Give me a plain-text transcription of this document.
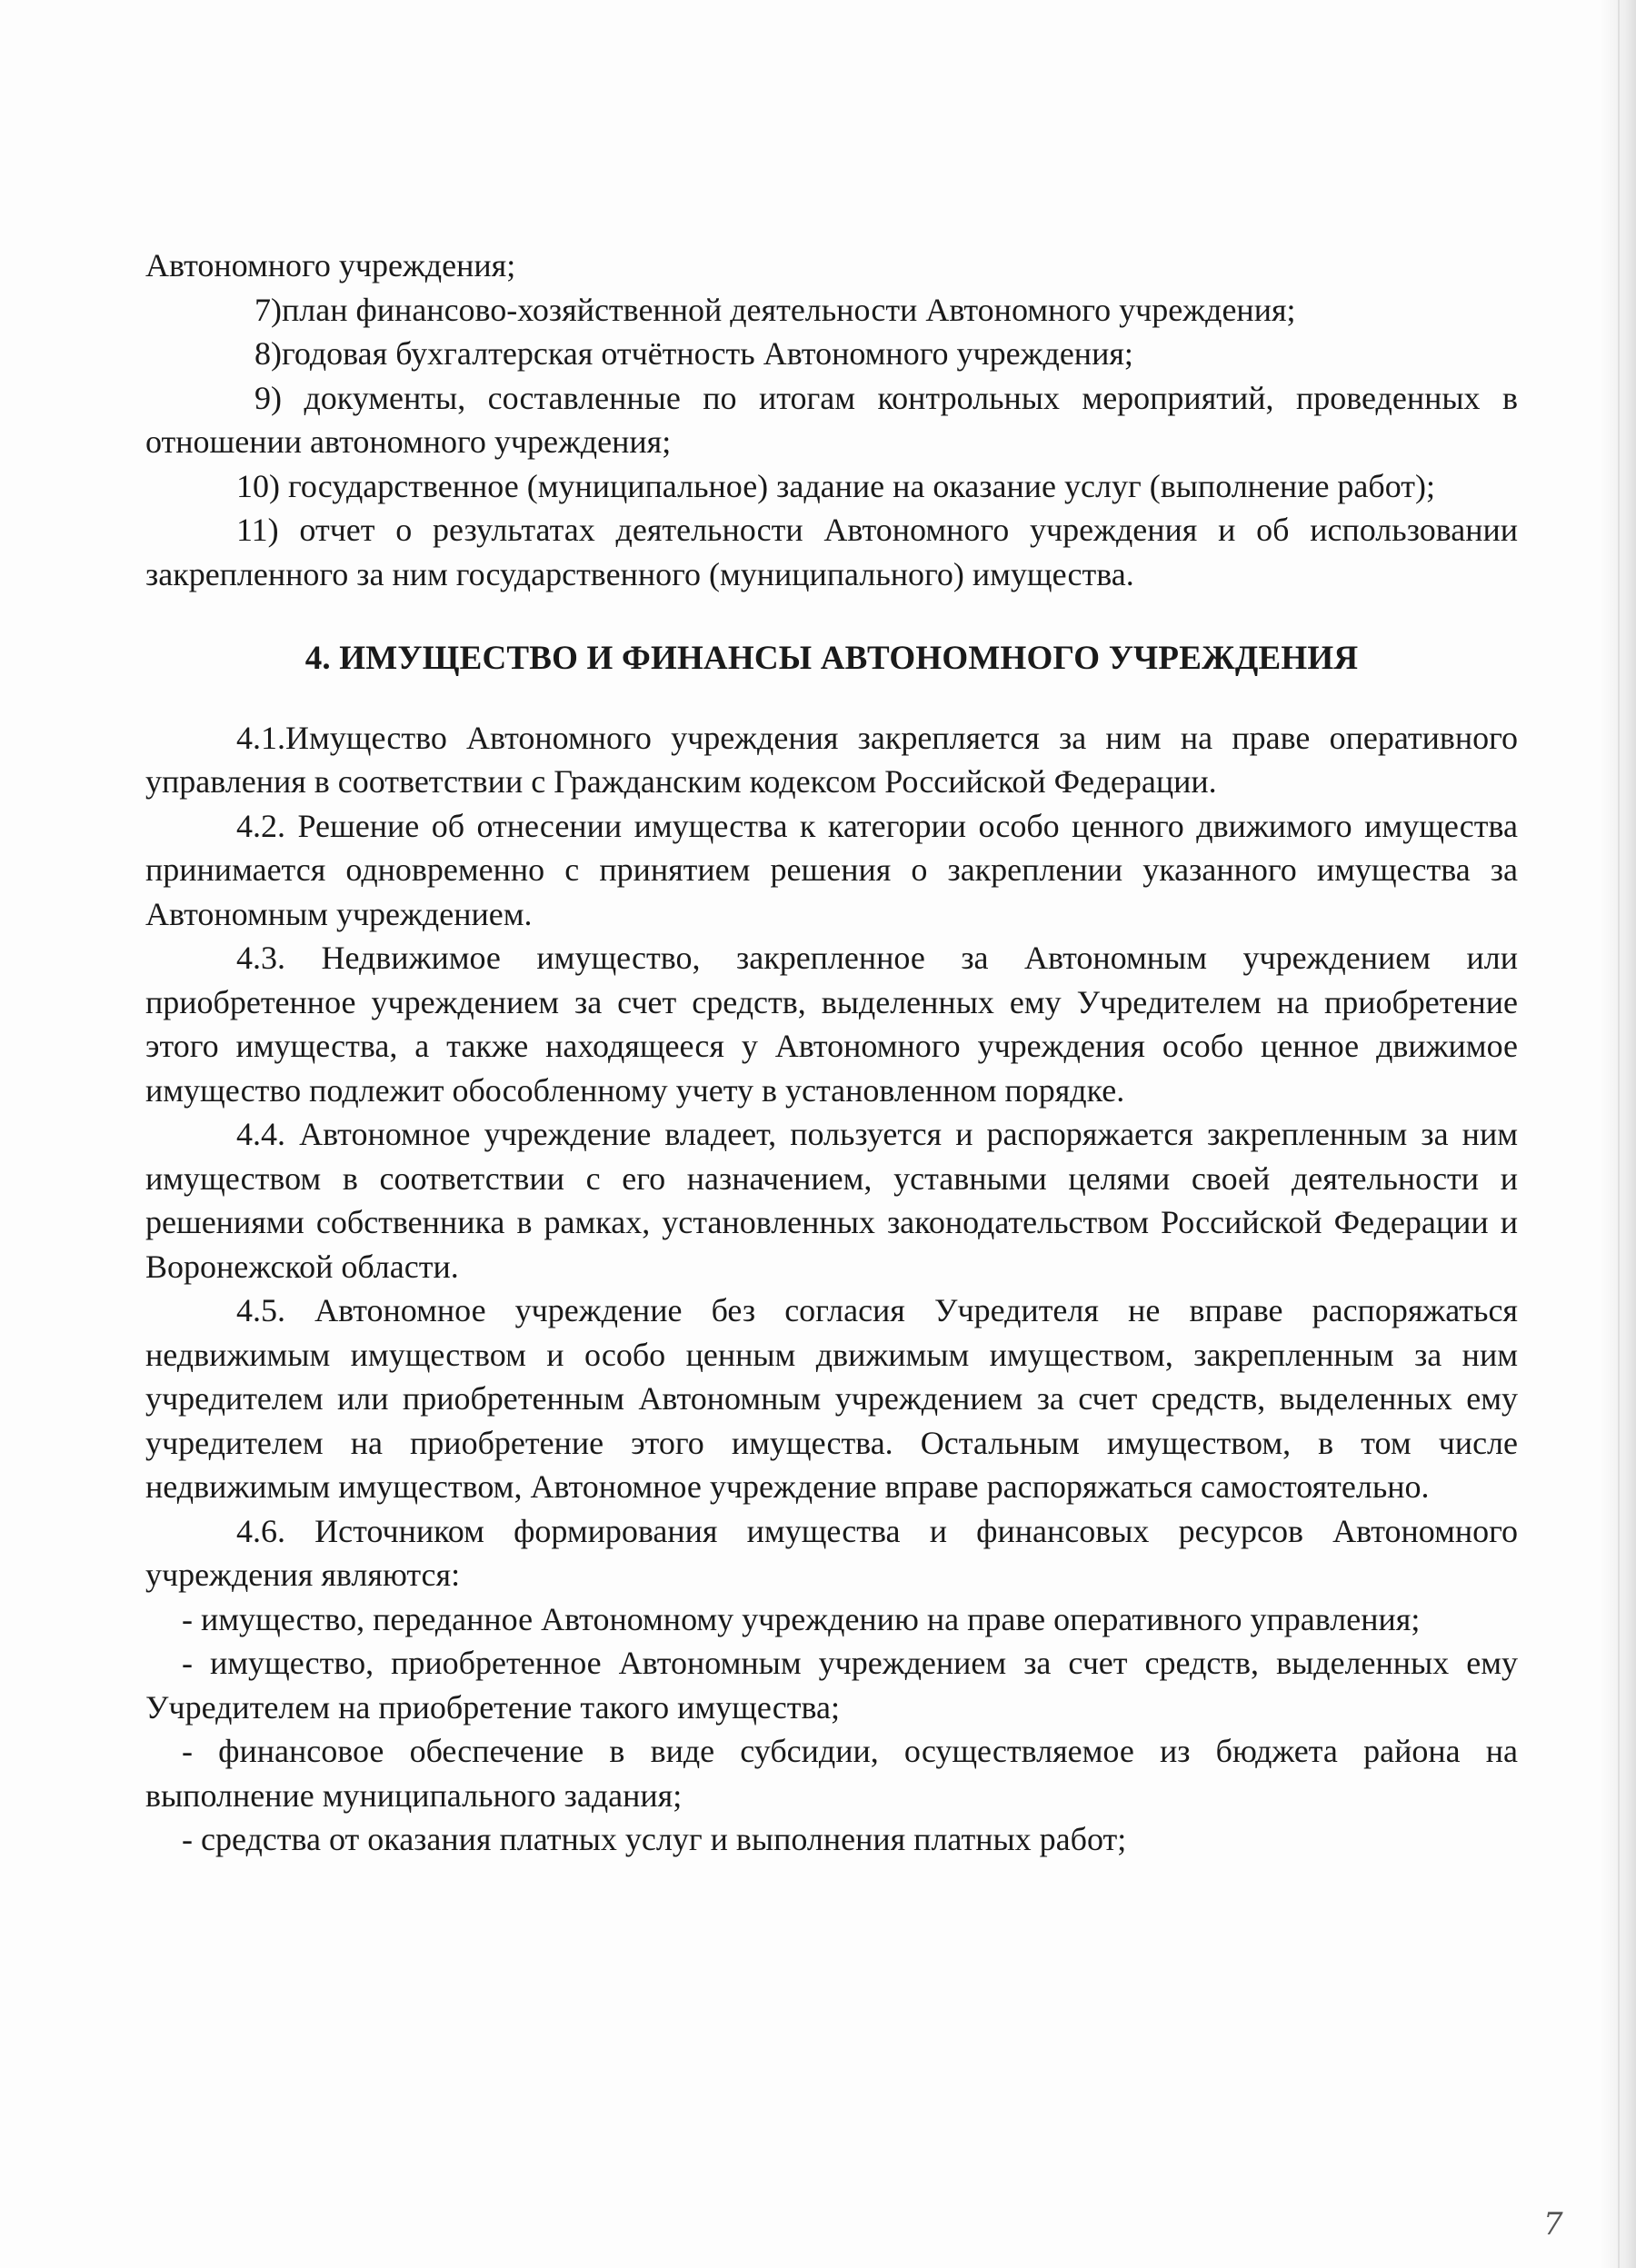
Автономного учреждения;

7)план финансово-хозяйственной деятельности Автономного учреждения;

8)годовая бухгалтерская отчётность Автономного учреждения;

9) документы, составленные по итогам контрольных мероприятий, проведенных в отношении автономного учреждения;

10) государственное (муниципальное) задание на оказание услуг (выполнение работ);

11) отчет о результатах деятельности Автономного учреждения и об использовании закрепленного за ним государственного (муниципального) имущества.

4. ИМУЩЕСТВО И ФИНАНСЫ АВТОНОМНОГО УЧРЕЖДЕНИЯ

4.1.Имущество Автономного учреждения закрепляется за ним на праве оперативного управления в соответствии с Гражданским кодексом Российской Федерации.

4.2. Решение об отнесении имущества к категории особо ценного движимого имущества принимается одновременно с принятием решения о закреплении указанного имущества за Автономным учреждением.

4.3. Недвижимое имущество, закрепленное за Автономным учреждением или приобретенное учреждением за счет средств, выделенных ему Учредителем на приобретение этого имущества, а также находящееся у Автономного учреждения особо ценное движимое имущество подлежит обособленному учету в установленном порядке.

4.4. Автономное учреждение владеет, пользуется и распоряжается закрепленным за ним имуществом в соответствии с его назначением, уставными целями своей деятельности и решениями собственника в рамках, установленных законодательством Российской Федерации и Воронежской области.

4.5. Автономное учреждение без согласия Учредителя не вправе распоряжаться недвижимым имуществом и особо ценным движимым имуществом, закрепленным за ним учредителем или приобретенным Автономным учреждением за счет средств, выделенных ему учредителем на приобретение этого имущества. Остальным имуществом, в том числе недвижимым имуществом, Автономное учреждение вправе распоряжаться самостоятельно.

4.6. Источником формирования имущества и финансовых ресурсов Автономного учреждения являются:

- имущество, переданное Автономному учреждению на праве оперативного управления;

- имущество, приобретенное Автономным учреждением за счет средств, выделенных ему Учредителем на приобретение такого имущества;

- финансовое обеспечение в виде субсидии, осуществляемое из бюджета района на выполнение муниципального задания;

- средства от оказания платных услуг и выполнения платных работ;

7
